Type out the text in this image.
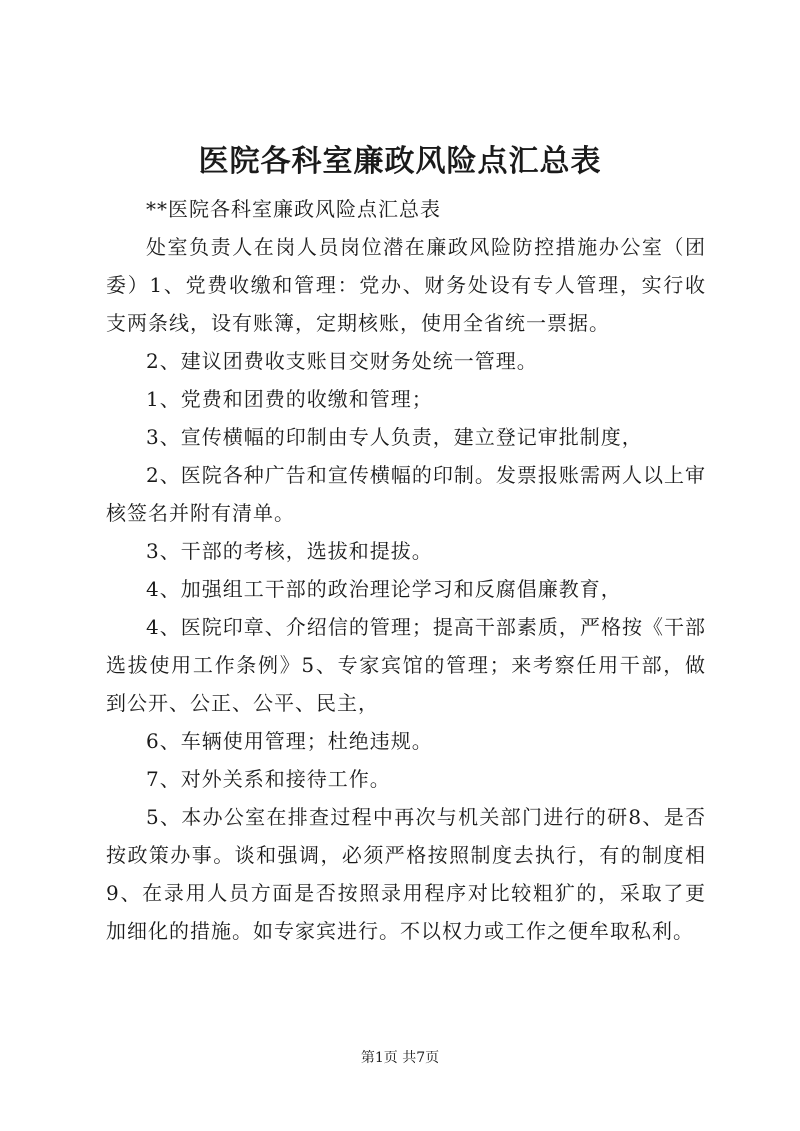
医院各科室廉政风险点汇总表

**医院各科室廉政风险点汇总表

处室负责人在岗人员岗位潜在廉政风险防控措施办公室（团委）1、党费收缴和管理：党办、财务处设有专人管理，实行收支两条线，设有账簿，定期核账，使用全省统一票据。

2、建议团费收支账目交财务处统一管理。

1、党费和团费的收缴和管理；

3、宣传横幅的印制由专人负责，建立登记审批制度，

2、医院各种广告和宣传横幅的印制。发票报账需两人以上审核签名并附有清单。

3、干部的考核，选拔和提拔。

4、加强组工干部的政治理论学习和反腐倡廉教育，

4、医院印章、介绍信的管理；提高干部素质，严格按《干部选拔使用工作条例》5、专家宾馆的管理；来考察任用干部，做到公开、公正、公平、民主，

6、车辆使用管理；杜绝违规。

7、对外关系和接待工作。

5、本办公室在排查过程中再次与机关部门进行的研8、是否按政策办事。谈和强调，必须严格按照制度去执行，有的制度相9、在录用人员方面是否按照录用程序对比较粗犷的，采取了更加细化的措施。如专家宾进行。不以权力或工作之便牟取私利。

第1页 共7页
